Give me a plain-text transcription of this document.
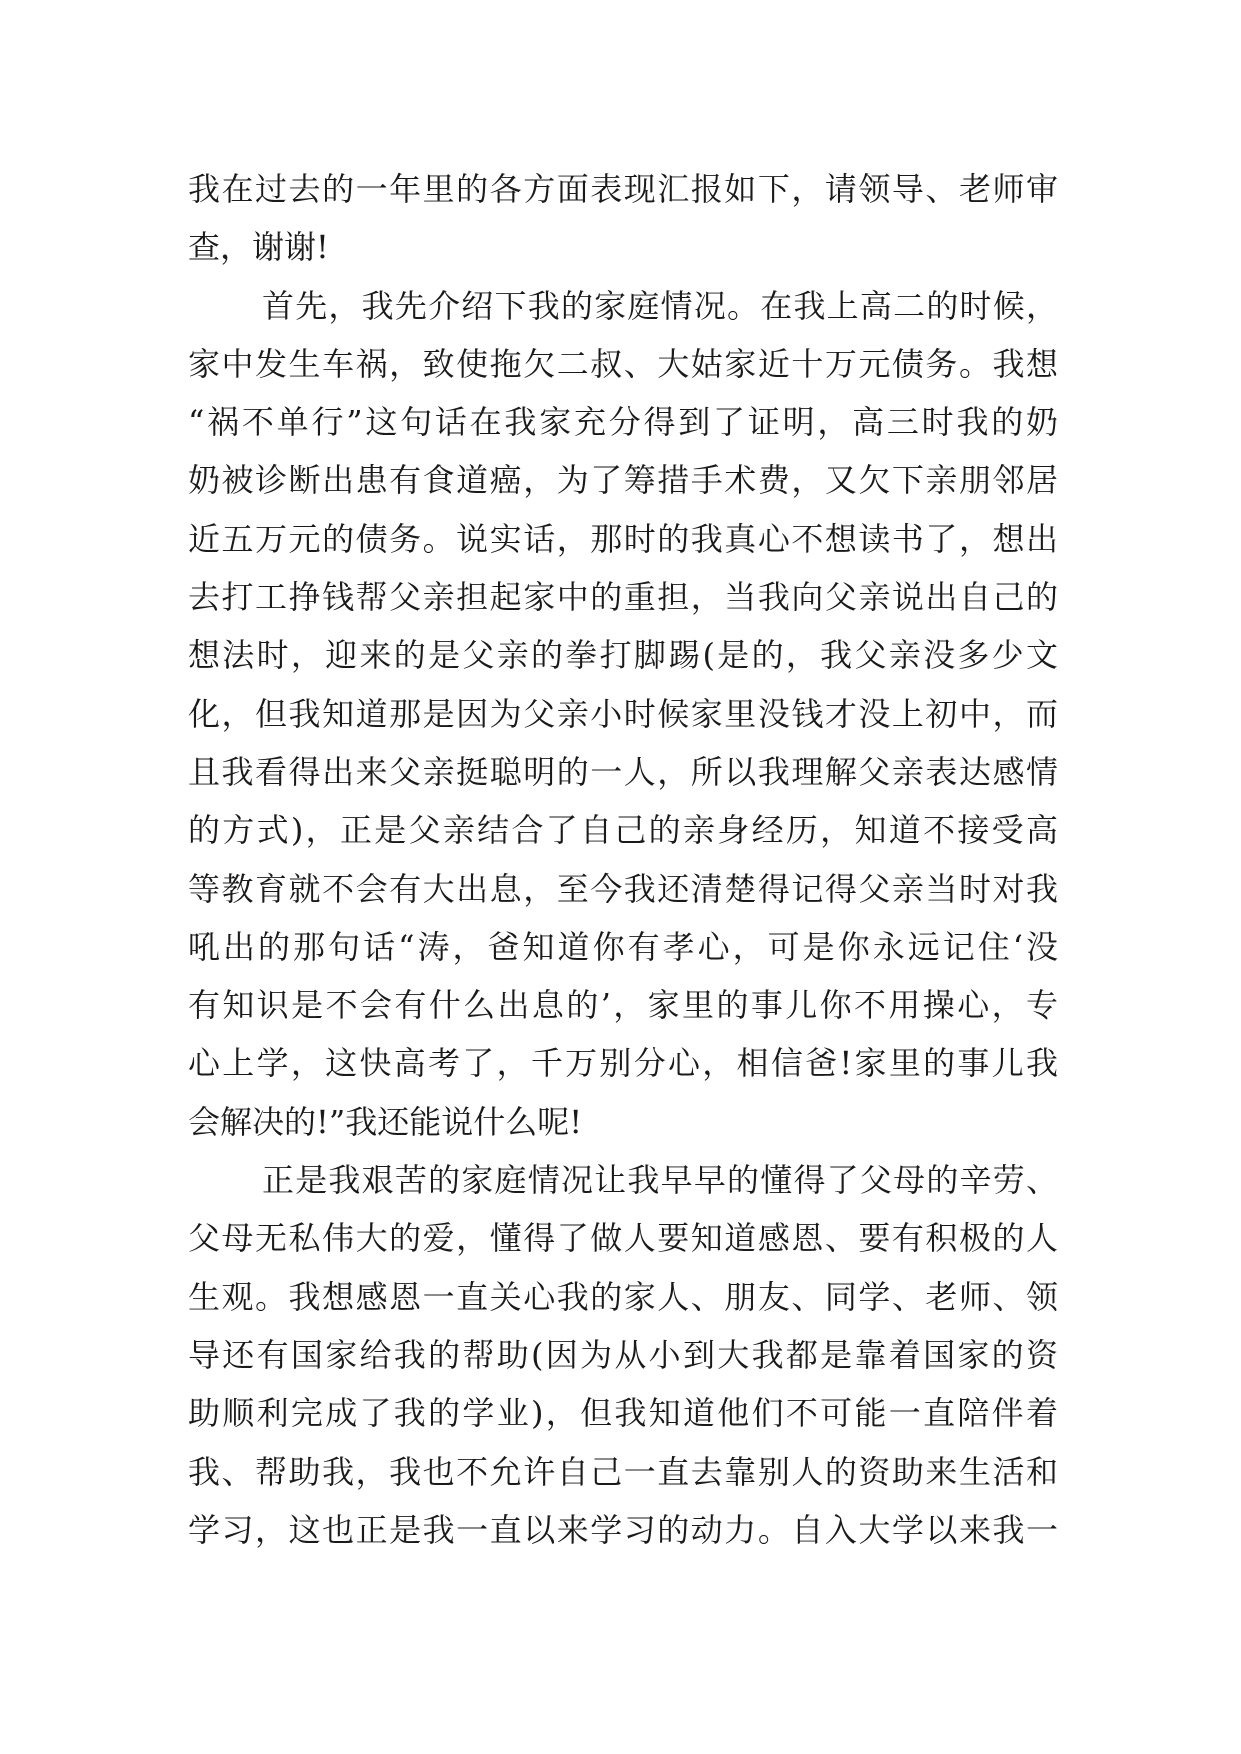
我在过去的一年里的各方面表现汇报如下，请领导、老师审
查，谢谢!
首先，我先介绍下我的家庭情况。在我上高二的时候，
家中发生车祸，致使拖欠二叔、大姑家近十万元债务。我想
“祸不单行”这句话在我家充分得到了证明，高三时我的奶
奶被诊断出患有食道癌，为了筹措手术费，又欠下亲朋邻居
近五万元的债务。说实话，那时的我真心不想读书了，想出
去打工挣钱帮父亲担起家中的重担，当我向父亲说出自己的
想法时，迎来的是父亲的拳打脚踢(是的，我父亲没多少文
化，但我知道那是因为父亲小时候家里没钱才没上初中，而
且我看得出来父亲挺聪明的一人，所以我理解父亲表达感情
的方式)，正是父亲结合了自己的亲身经历，知道不接受高
等教育就不会有大出息，至今我还清楚得记得父亲当时对我
吼出的那句话“涛，爸知道你有孝心，可是你永远记住‘没
有知识是不会有什么出息的’，家里的事儿你不用操心，专
心上学，这快高考了，千万别分心，相信爸!家里的事儿我
会解决的!”我还能说什么呢!
正是我艰苦的家庭情况让我早早的懂得了父母的辛劳、
父母无私伟大的爱，懂得了做人要知道感恩、要有积极的人
生观。我想感恩一直关心我的家人、朋友、同学、老师、领
导还有国家给我的帮助(因为从小到大我都是靠着国家的资
助顺利完成了我的学业)，但我知道他们不可能一直陪伴着
我、帮助我，我也不允许自己一直去靠别人的资助来生活和
学习，这也正是我一直以来学习的动力。自入大学以来我一
